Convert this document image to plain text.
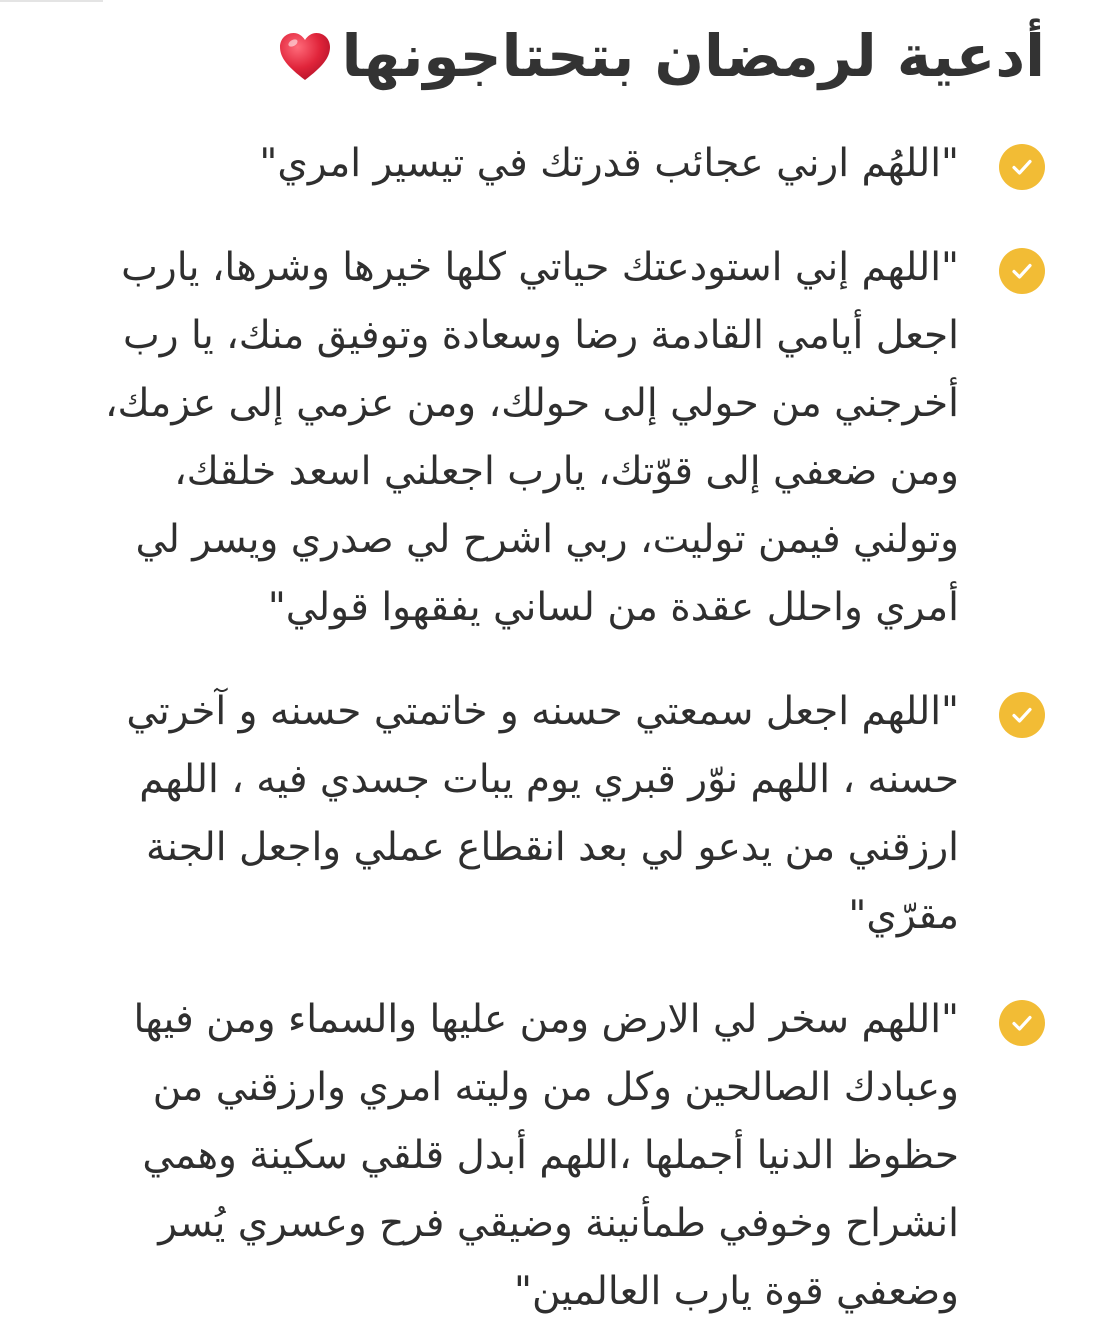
أدعية لرمضان بتحتاجونها

"اللهُم ارني عجائب قدرتك في تيسير امري"

"اللهم إني استودعتك حياتي كلها خيرها وشرها، يارب اجعل أيامي القادمة رضا وسعادة وتوفيق منك، يا رب أخرجني من حولي إلى حولك، ومن عزمي إلى عزمك، ومن ضعفي إلى قوّتك، يارب اجعلني اسعد خلقك، وتولني فيمن توليت، ربي اشرح لي صدري ويسر لي أمري واحلل عقدة من لساني يفقهوا قولي"

"اللهم اجعل سمعتي حسنه و خاتمتي حسنه و آخرتي حسنه ، اللهم نوّر قبري يوم يبات جسدي فيه ، اللهم ارزقني من يدعو لي بعد انقطاع عملي واجعل الجنة مقرّي"

"اللهم سخر لي الارض ومن عليها والسماء ومن فيها وعبادك الصالحين وكل من وليته امري وارزقني من حظوظ الدنيا أجملها ،اللهم أبدل قلقي سكينة وهمي انشراح وخوفي طمأنينة وضيقي فرح وعسري يُسر وضعفي قوة يارب العالمين"
